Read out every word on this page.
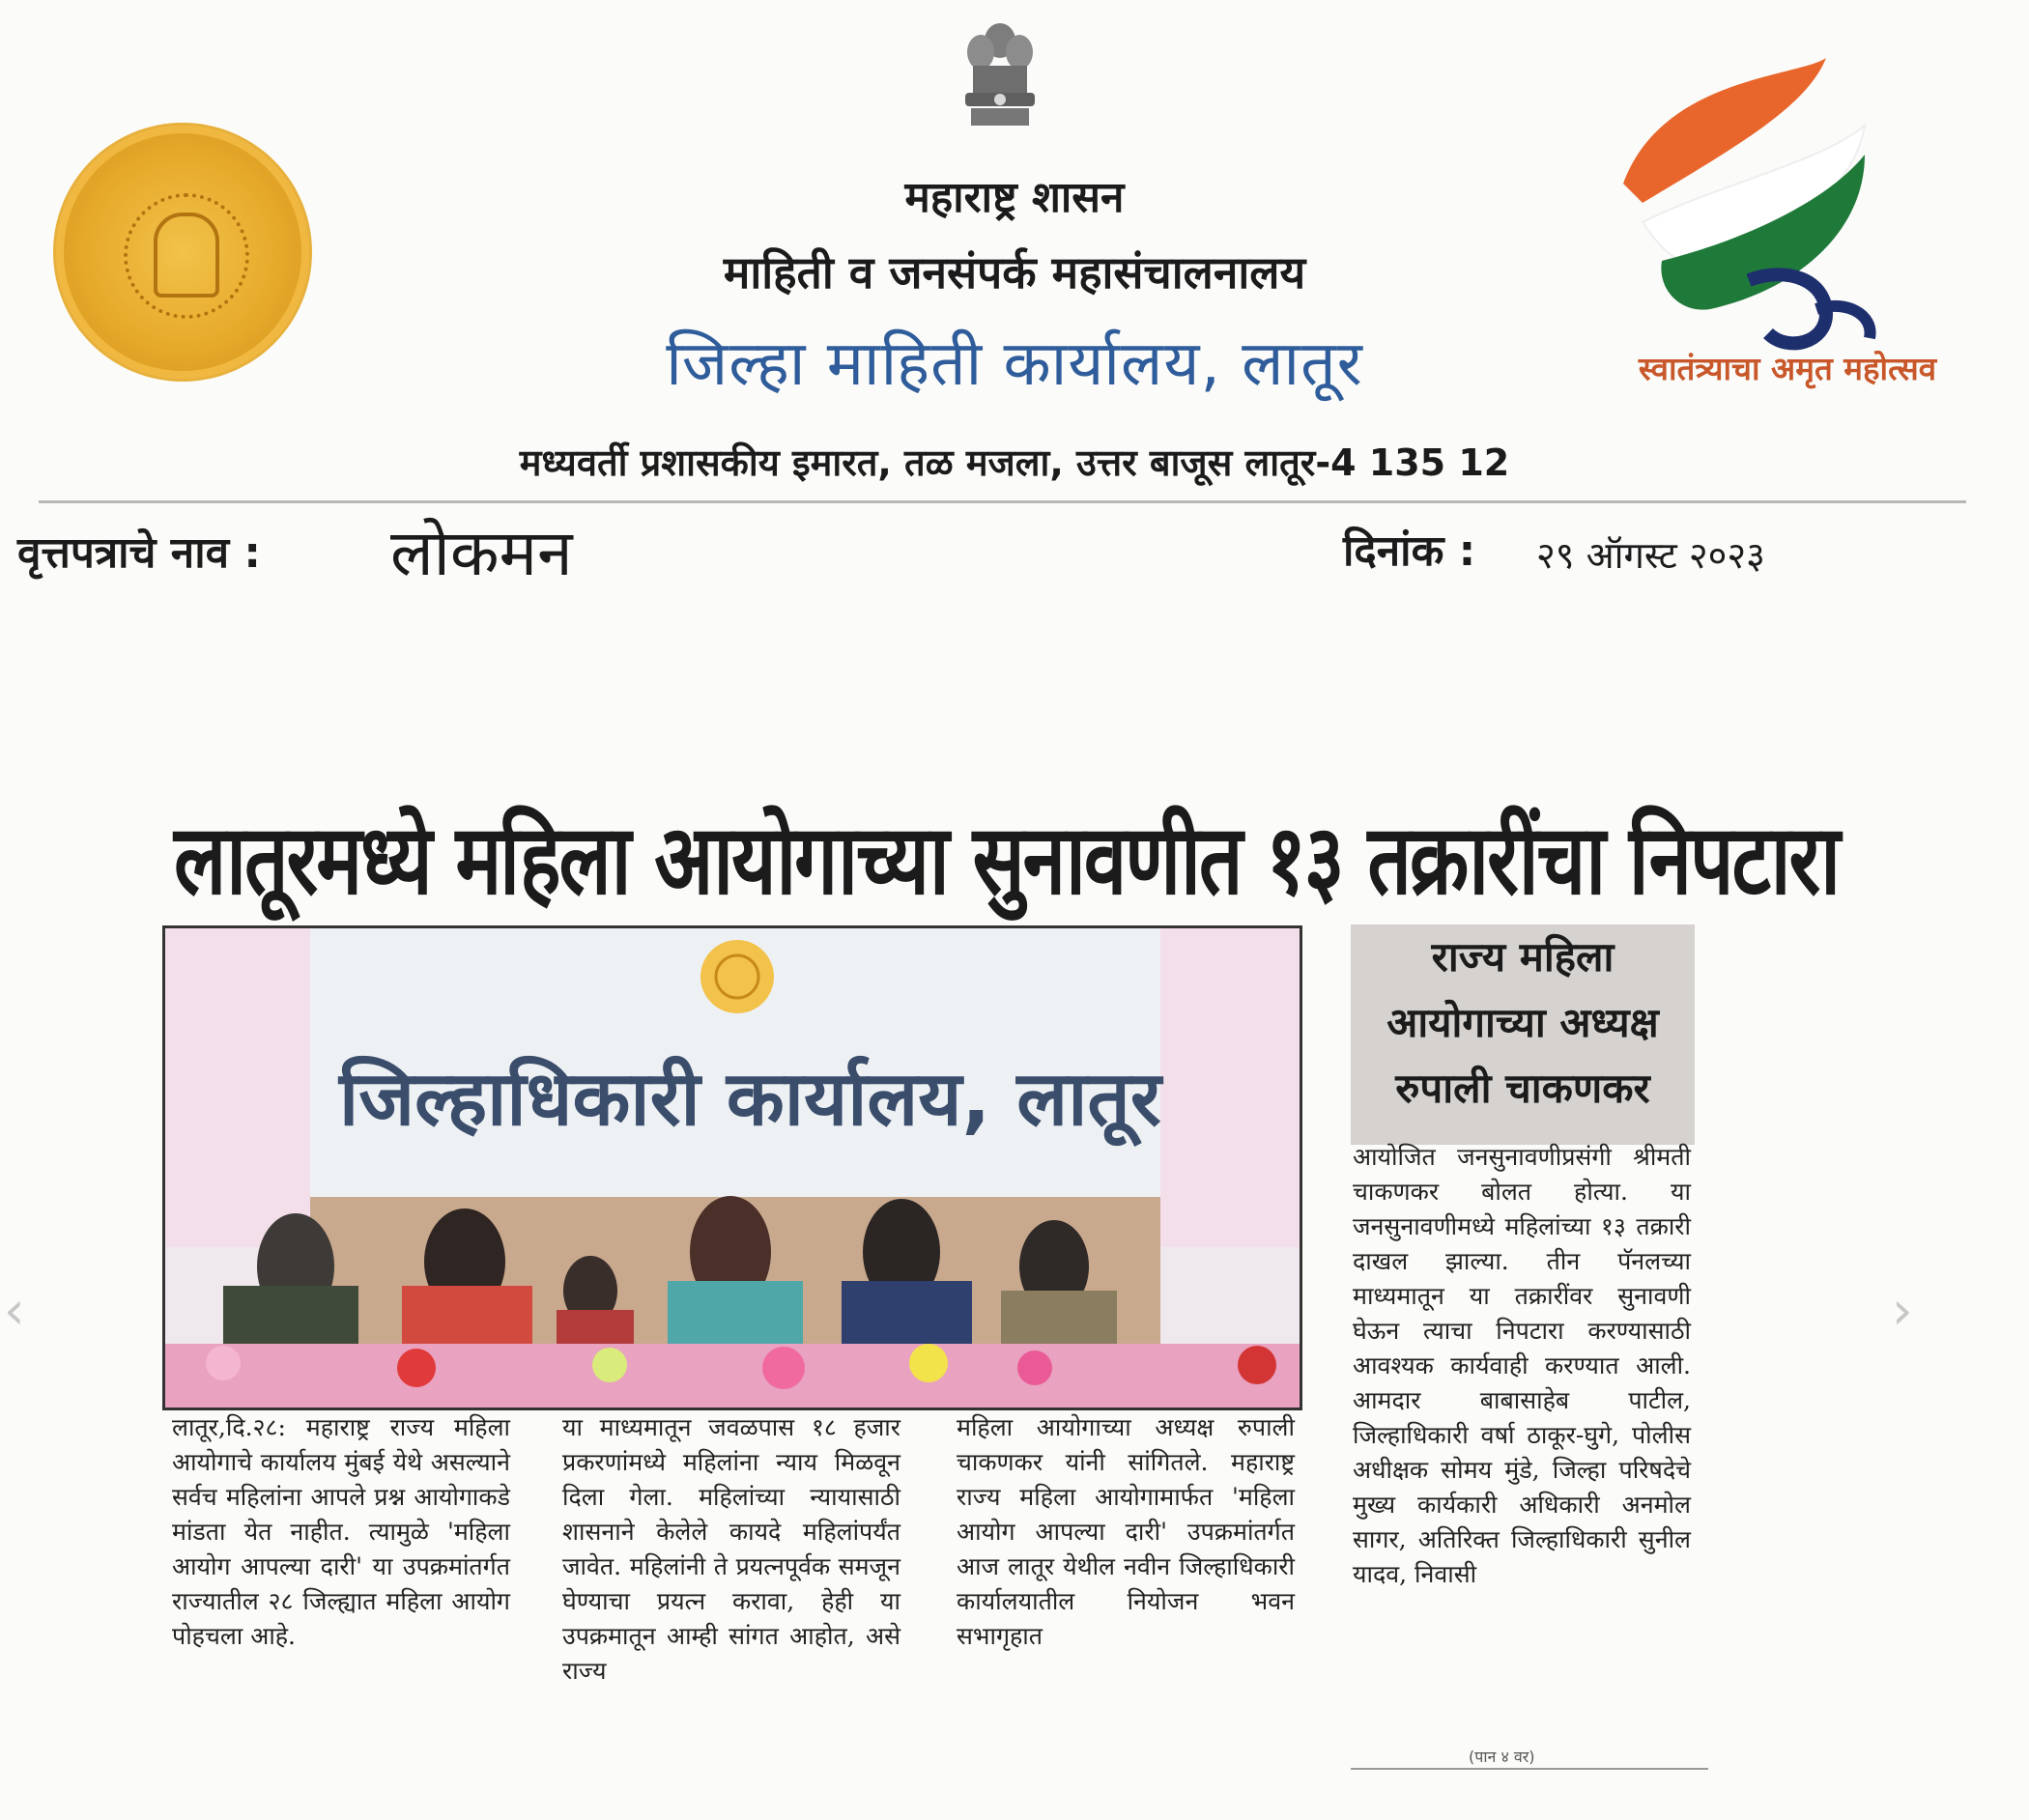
महाराष्ट्र शासन
माहिती व जनसंपर्क महासंचालनालय
जिल्हा माहिती कार्यालय, लातूर
मध्यवर्ती प्रशासकीय इमारत, तळ मजला, उत्तर बाजूस लातूर-4 135 12
स्वातंत्र्याचा अमृत महोत्सव
वृत्तपत्राचे नाव : लोकमन	दिनांक : २९ ऑगस्ट २०२३
लातूरमध्ये महिला आयोगाच्या सुनावणीत १३ तक्रारींचा निपटारा
जिल्हाधिकारी कार्यालय, लातूर
राज्य महिला
आयोगाच्या अध्यक्ष
रुपाली चाकणकर
लातूर,दि.२८: महाराष्ट्र राज्य महिला आयोगाचे कार्यालय मुंबई येथे असल्याने सर्वच महिलांना आपले प्रश्न आयोगाकडे मांडता येत नाहीत. त्यामुळे 'महिला आयोग आपल्या दारी' या उपक्रमांतर्गत राज्यातील २८ जिल्ह्यात महिला आयोग पोहचला आहे.
या माध्यमातून जवळपास १८ हजार प्रकरणांमध्ये महिलांना न्याय मिळवून दिला गेला. महिलांच्या न्यायासाठी शासनाने केलेले कायदे महिलांपर्यंत जावेत. महिलांनी ते प्रयत्नपूर्वक समजून घेण्याचा प्रयत्न करावा, हेही या उपक्रमातून आम्ही सांगत आहोत, असे राज्य
महिला आयोगाच्या अध्यक्ष रुपाली चाकणकर यांनी सांगितले. महाराष्ट्र राज्य महिला आयोगामार्फत 'महिला आयोग आपल्या दारी' उपक्रमांतर्गत आज लातूर येथील नवीन जिल्हाधिकारी कार्यालयातील नियोजन भवन सभागृहात
आयोजित जनसुनावणीप्रसंगी श्रीमती चाकणकर बोलत होत्या. या जनसुनावणीमध्ये महिलांच्या १३ तक्रारी दाखल झाल्या. तीन पॅनलच्या माध्यमातून या तक्रारींवर सुनावणी घेऊन त्याचा निपटारा करण्यासाठी आवश्यक कार्यवाही करण्यात आली. आमदार बाबासाहेब पाटील, जिल्हाधिकारी वर्षा ठाकूर-घुगे, पोलीस अधीक्षक सोमय मुंडे, जिल्हा परिषदेचे मुख्य कार्यकारी अधिकारी अनमोल सागर, अतिरिक्त जिल्हाधिकारी सुनील यादव, निवासी
(पान ४ वर)
‹	›
